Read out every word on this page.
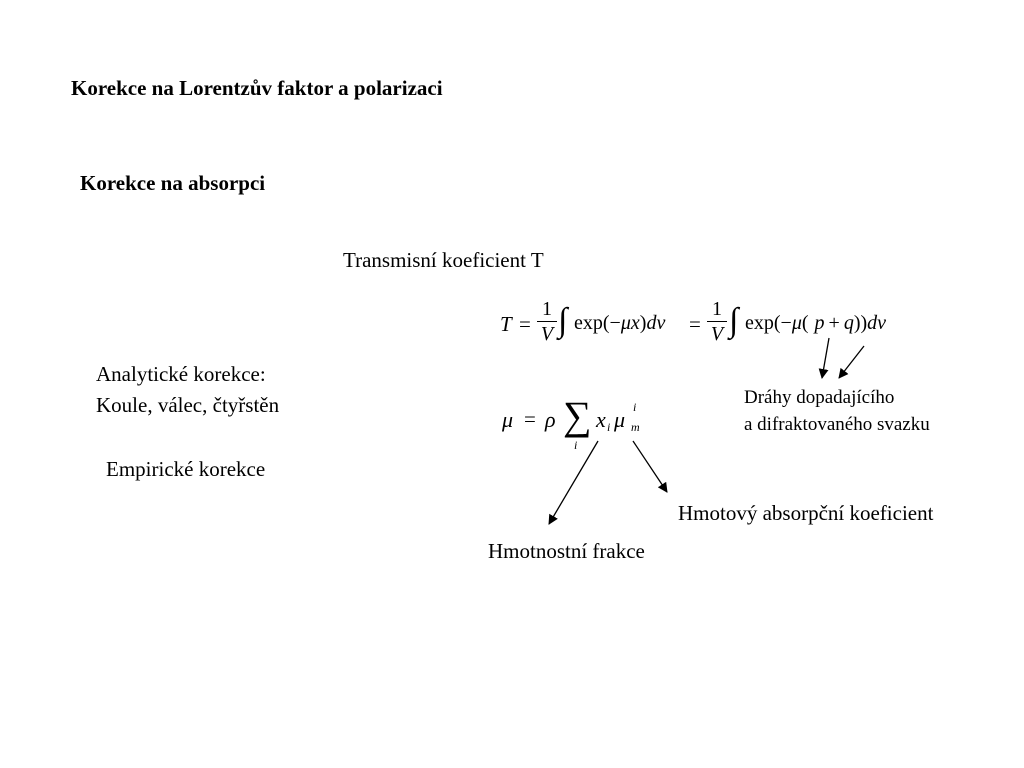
Korekce na Lorentzův faktor a polarizaci
Korekce na absorpci
Transmisní koeficient T
T =
1
V ∫ exp(−μx)dv =
1
V ∫ exp(−μ( p + q))dv
μ = ρ ∑
i
x i μ i
m
Dráhy dopadajícího
a difraktovaného svazku
Hmotový absorpční koeficient
Hmotnostní frakce
Analytické korekce:
Koule, válec, čtyřstěn
Empirické korekce
